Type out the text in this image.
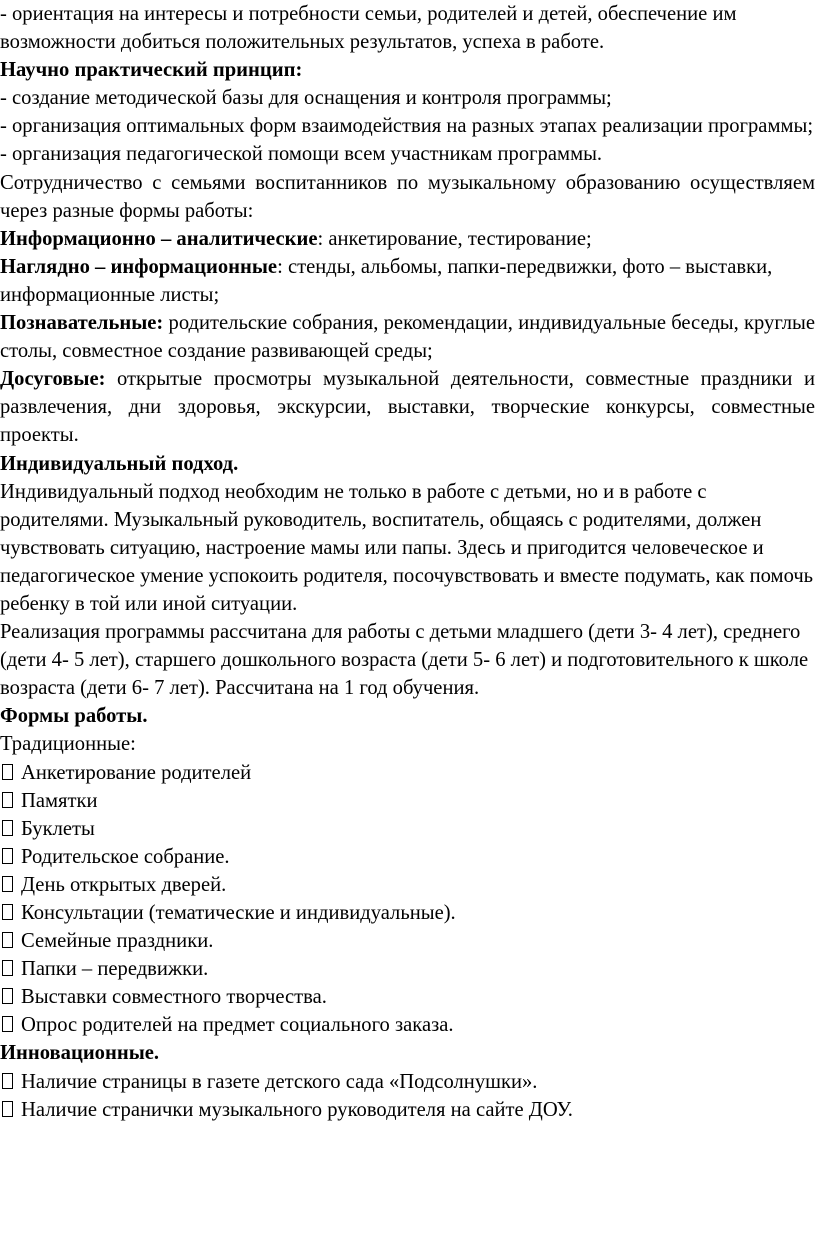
- ориентация на интересы и потребности семьи, родителей и детей, обеспечение им возможности добиться положительных результатов, успеха в работе.

Научно практический принцип:

- создание методической базы для оснащения и контроля программы;

- организация оптимальных форм взаимодействия на разных этапах реализации программы;

- организация педагогической помощи всем участникам программы.

Сотрудничество с семьями воспитанников по музыкальному образованию осуществляем через разные формы работы:

Информационно – аналитические: анкетирование, тестирование;

Наглядно – информационные: стенды, альбомы, папки-передвижки, фото – выставки, информационные листы;

Познавательные: родительские собрания, рекомендации, индивидуальные беседы, круглые столы, совместное создание развивающей среды;

Досуговые: открытые просмотры музыкальной деятельности, совместные праздники и развлечения, дни здоровья, экскурсии, выставки, творческие конкурсы, совместные проекты.

Индивидуальный подход.

Индивидуальный подход необходим не только в работе с детьми, но и в работе с родителями. Музыкальный руководитель, воспитатель, общаясь с родителями, должен чувствовать ситуацию, настроение мамы или папы. Здесь и пригодится человеческое и педагогическое умение успокоить родителя, посочувствовать и вместе подумать, как помочь ребенку в той или иной ситуации.

Реализация программы рассчитана для работы с детьми младшего (дети 3- 4 лет), среднего (дети 4- 5 лет), старшего дошкольного возраста (дети 5- 6 лет) и подготовительного к школе возраста (дети 6- 7 лет). Рассчитана на 1 год обучения.

Формы работы.

Традиционные:

Анкетирование родителей

Памятки

Буклеты

Родительское собрание.

День открытых дверей.

Консультации (тематические и индивидуальные).

Семейные праздники.

Папки – передвижки.

Выставки совместного творчества.

Опрос родителей на предмет социального заказа.

Инновационные.

Наличие страницы в газете детского сада «Подсолнушки».

Наличие странички музыкального руководителя на сайте ДОУ.
